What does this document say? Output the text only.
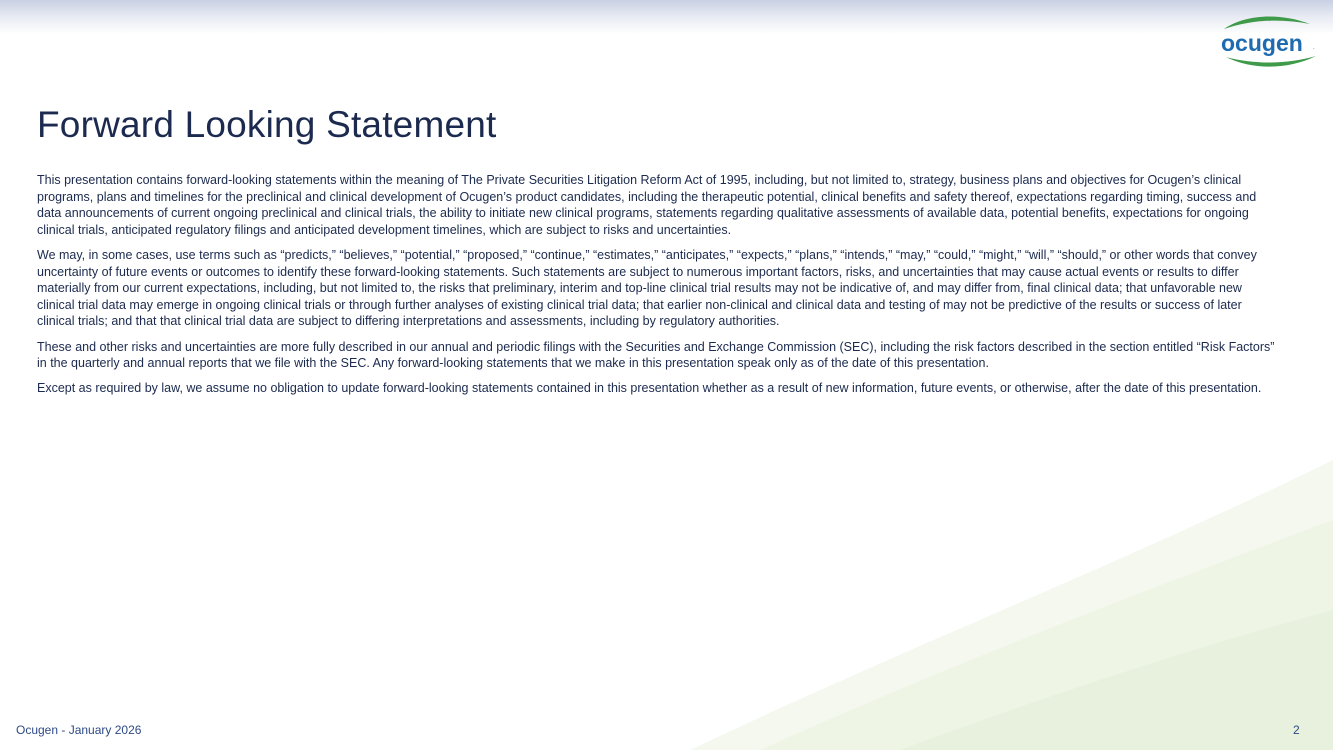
ocugen .
Forward Looking Statement

This presentation contains forward-looking statements within the meaning of The Private Securities Litigation Reform Act of 1995, including, but not limited to, strategy, business plans and objectives for Ocugen’s clinical programs, plans and timelines for the preclinical and clinical development of Ocugen’s product candidates, including the therapeutic potential, clinical benefits and safety thereof, expectations regarding timing, success and data announcements of current ongoing preclinical and clinical trials, the ability to initiate new clinical programs, statements regarding qualitative assessments of available data, potential benefits, expectations for ongoing clinical trials, anticipated regulatory filings and anticipated development timelines, which are subject to risks and uncertainties.

We may, in some cases, use terms such as “predicts,” “believes,” “potential,” “proposed,” “continue,” “estimates,” “anticipates,” “expects,” “plans,” “intends,” “may,” “could,” “might,” “will,” “should,” or other words that convey uncertainty of future events or outcomes to identify these forward-looking statements. Such statements are subject to numerous important factors, risks, and uncertainties that may cause actual events or results to differ materially from our current expectations, including, but not limited to, the risks that preliminary, interim and top-line clinical trial results may not be indicative of, and may differ from, final clinical data; that unfavorable new clinical trial data may emerge in ongoing clinical trials or through further analyses of existing clinical trial data; that earlier non-clinical and clinical data and testing of may not be predictive of the results or success of later clinical trials; and that that clinical trial data are subject to differing interpretations and assessments, including by regulatory authorities.

These and other risks and uncertainties are more fully described in our annual and periodic filings with the Securities and Exchange Commission (SEC), including the risk factors described in the section entitled “Risk Factors” in the quarterly and annual reports that we file with the SEC. Any forward-looking statements that we make in this presentation speak only as of the date of this presentation.

Except as required by law, we assume no obligation to update forward-looking statements contained in this presentation whether as a result of new information, future events, or otherwise, after the date of this presentation.

Ocugen - January 2026	2
